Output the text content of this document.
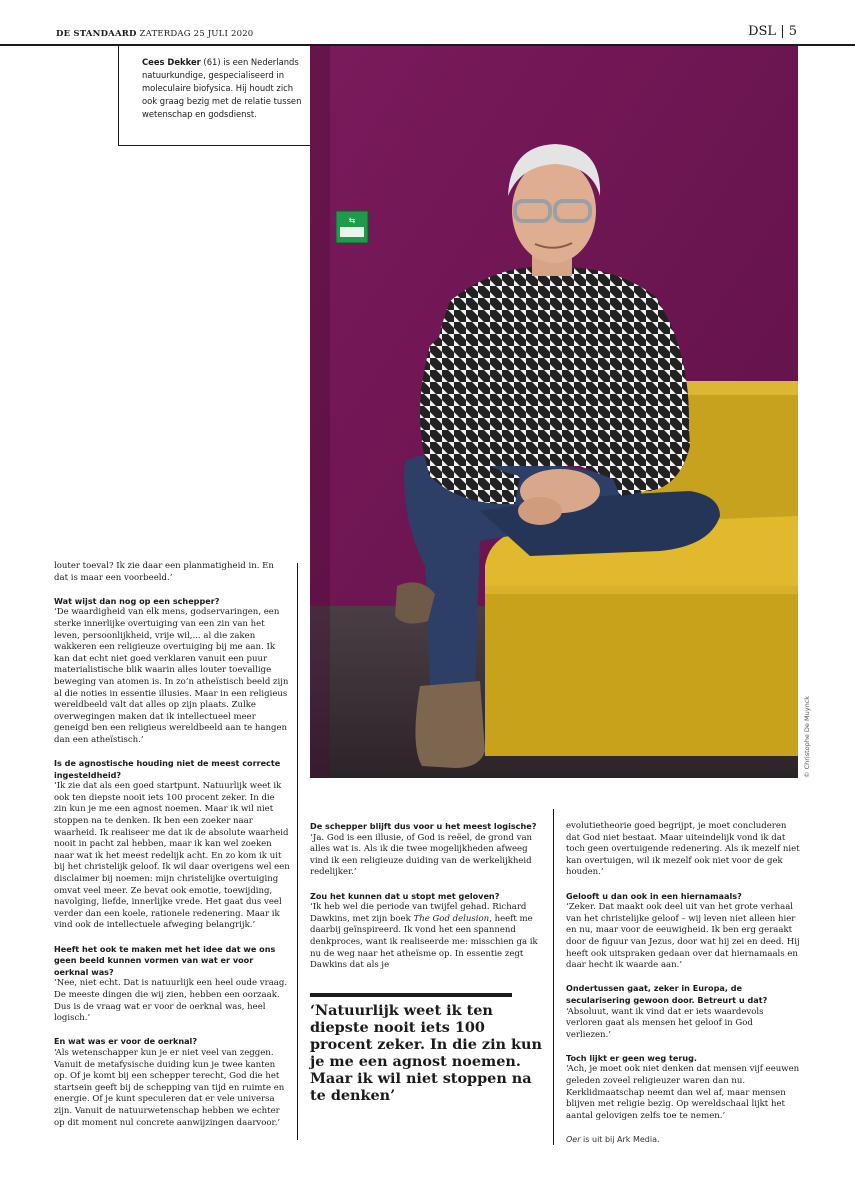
DE STANDAARD ZATERDAG 25 JULI 2020	DSL | 5
Cees Dekker (61) is een Nederlands natuurkundige, gespecialiseerd in moleculaire biofysica. Hij houdt zich ook graag bezig met de relatie tussen wetenschap en godsdienst.
⇆
© Christophe De Muynck

louter toeval? Ik zie daar een planmatigheid in. En dat is maar een voorbeeld.’

Wat wijst dan nog op een schepper?

‘De waardigheid van elk mens, godservaringen, een sterke innerlijke overtuiging van een zin van het leven, persoonlijkheid, vrije wil,... al die zaken wakkeren een religieuze overtuiging bij me aan. Ik kan dat echt niet goed verklaren vanuit een puur materialistische blik waarin alles louter toevallige beweging van atomen is. In zo’n atheïstisch beeld zijn al die noties in essentie illusies. Maar in een religieus wereldbeeld valt dat alles op zijn plaats. Zulke overwegingen maken dat ik intellectueel meer geneigd ben een religieus wereldbeeld aan te hangen dan een atheïstisch.’

Is de agnostische houding niet de meest correcte ingesteldheid?

‘Ik zie dat als een goed startpunt. Natuurlijk weet ik ook ten diepste nooit iets 100 procent zeker. In die zin kun je me een agnost noemen. Maar ik wil niet stoppen na te denken. Ik ben een zoeker naar waarheid. Ik realiseer me dat ik de absolute waarheid nooit in pacht zal hebben, maar ik kan wel zoeken naar wat ik het meest redelijk acht. En zo kom ik uit bij het christelijk geloof. Ik wil daar overigens wel een disclaimer bij noemen: mijn christelijke overtuiging omvat veel meer. Ze bevat ook emotie, toewijding, navolging, liefde, innerlijke vrede. Het gaat dus veel verder dan een koele, rationele redenering. Maar ik vind ook de intellectuele afweging belangrijk.’

Heeft het ook te maken met het idee dat we ons geen beeld kunnen vormen van wat er voor oerknal was?

‘Nee, niet echt. Dat is natuurlijk een heel oude vraag. De meeste dingen die wij zien, hebben een oorzaak. Dus is de vraag wat er voor de oerknal was, heel logisch.’

En wat was er voor de oerknal?

‘Als wetenschapper kun je er niet veel van zeggen. Vanuit de metafysische duiding kun je twee kanten op. Of je komt bij een schepper terecht, God die het startsein geeft bij de schepping van tijd en ruimte en energie. Of je kunt speculeren dat er vele universa zijn. Vanuit de natuurwetenschap hebben we echter op dit moment nul concrete aanwijzingen daarvoor.’

De schepper blijft dus voor u het meest logische?

‘Ja. God is een illusie, of God is reëel, de grond van alles wat is. Als ik die twee mogelijkheden afweeg vind ik een religieuze duiding van de werkelijkheid redelijker.’

Zou het kunnen dat u stopt met geloven?

‘Ik heb wel die periode van twijfel gehad. Richard Dawkins, met zijn boek The God delusion, heeft me daarbij geïnspireerd. Ik vond het een spannend denkproces, want ik realiseerde me: misschien ga ik nu de weg naar het atheïsme op. In essentie zegt Dawkins dat als je

‘Natuurlijk weet ik ten diepste nooit iets 100 procent zeker. In die zin kun je me een agnost noemen. Maar ik wil niet stoppen na te denken’

evolutietheorie goed begrijpt, je moet concluderen dat God niet bestaat. Maar uiteindelijk vond ik dat toch geen overtuigende redenering. Als ik mezelf niet kan overtuigen, wil ik mezelf ook niet voor de gek houden.’

Gelooft u dan ook in een hiernamaals?

‘Zeker. Dat maakt ook deel uit van het grote verhaal van het christelijke geloof – wij leven niet alleen hier en nu, maar voor de eeuwigheid. Ik ben erg geraakt door de figuur van Jezus, door wat hij zei en deed. Hij heeft ook uitspraken gedaan over dat hiernamaals en daar hecht ik waarde aan.’

Ondertussen gaat, zeker in Europa, de secularisering gewoon door. Betreurt u dat?

‘Absoluut, want ik vind dat er iets waardevols verloren gaat als mensen het geloof in God verliezen.’

Toch lijkt er geen weg terug.

‘Ach, je moet ook niet denken dat mensen vijf eeuwen geleden zoveel religieuzer waren dan nu. Kerklidmaatschap neemt dan wel af, maar mensen blijven met religie bezig. Op wereldschaal lijkt het aantal gelovigen zelfs toe te nemen.’

Oer is uit bij Ark Media.
